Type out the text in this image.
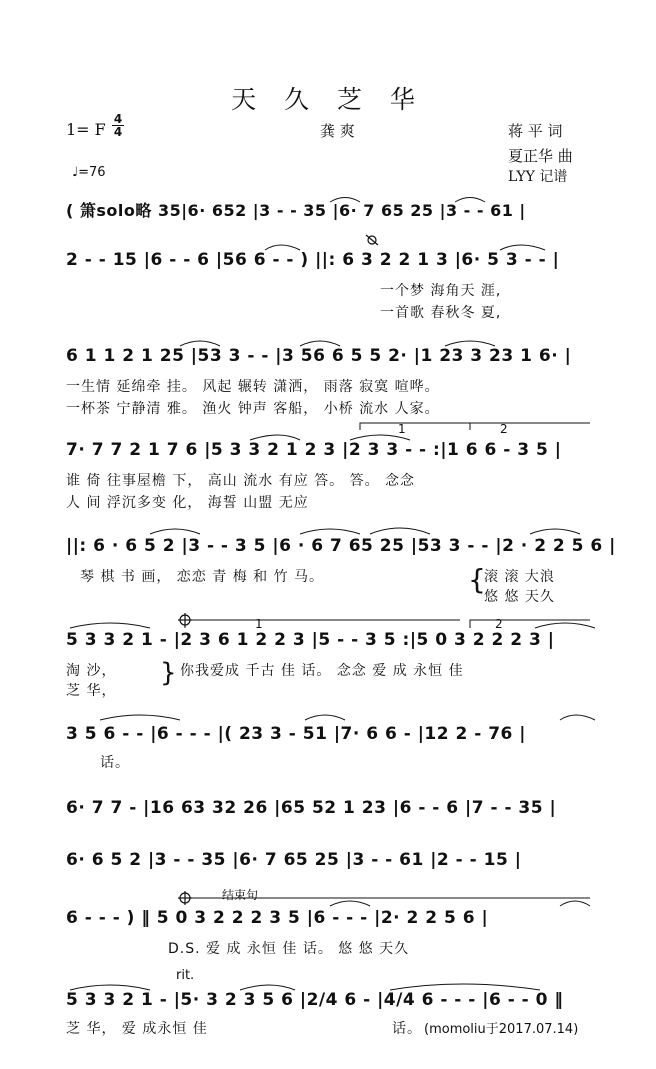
天 久 芝 华
1= F
4
4	龚 爽	蒋 平 词
夏正华 曲
♩=76	LYY 记谱
( 箫solo略 35|6· 652 |3 - - 35 |6· 7 65 25 |3 - - 61 |
2 - - 15 |6 - - 6 |56 6 - - ) ||: 6 3 2 2 1 3 |6· 5 3 - - |
一个梦 海角天 涯,
一首歌 春秋冬 夏,
6 1 1 2 1 25 |53 3 - - |3 56 6 5 5 2· |1 23 3 23 1 6· |
一生情 延绵牵 挂。 风起 辗转 潇洒， 雨落 寂寞 喧哗。
一杯茶 宁静清 雅。 渔火 钟声 客船， 小桥 流水 人家。
1	2
7· 7 7 2 1 7 6 |5 3 3 2 1 2 3 |2 3 3 - - :|1 6 6 - 3 5 |
谁 倚 往事屋檐 下， 高山 流水 有应 答。 答。 念念
人 间 浮沉多变 化， 海誓 山盟 无应
||: 6 · 6 5 2 |3 - - 3 5 |6 · 6 7 65 25 |53 3 - - |2 · 2 2 5 6 |
琴 棋 书 画， 恋恋 青 梅 和 竹 马。	滚 滚 大浪
悠 悠 天久
{
1	2
5 3 3 2 1 - |2 3 6 1 2 2 3 |5 - - 3 5 :|5 0 3 2 2 2 3 |
淘 沙，
芝 华，
} 你我爱成 千古 佳 话。 念念 爱 成 永恒 佳
3 5 6 - - |6 - - - |( 23 3 - 51 |7· 6 6 - |12 2 - 76 |
话。
6· 7 7 - |16 63 32 26 |65 52 1 23 |6 - - 6 |7 - - 35 |
6· 6 5 2 |3 - - 35 |6· 7 65 25 |3 - - 61 |2 - - 15 |
结束句
6 - - - ) ‖ 5 0 3 2 2 2 3 5 |6 - - - |2· 2 2 5 6 |
D.S. 爱 成 永恒 佳 话。 悠 悠 天久
rit.
5 3 3 2 1 - |5· 3 2 3 5 6 |2/4 6 - |4/4 6 - - - |6 - - 0 ‖
芝 华， 爱 成永恒 佳	话。 (momoliu于2017.07.14)
